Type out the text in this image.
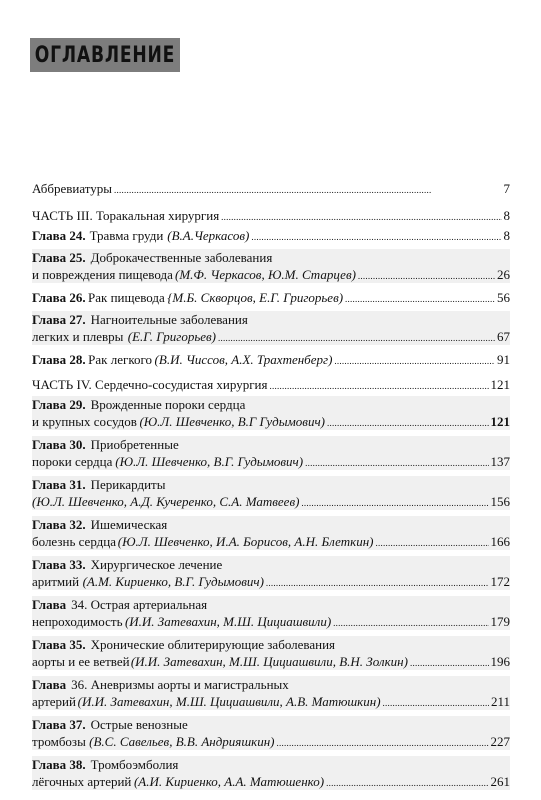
ОГЛАВЛЕНИЕ
Аббревиатуры . . .	7
ЧАСТЬ III. Торакальная хирургия . . .	8
Глава 24. Травма груди (В.А.Черкасов) . . .	8
Глава 25. Доброкачественные заболевания
и повреждения пищевода (М.Ф. Черкасов, Ю.М. Старцев) . . .	26
Глава 26. Рак пищевода {М.Б. Скворцов, Е.Г. Григорьев) . . .	56
Глава 27. Нагноительные заболевания
легких и плевры (Е.Г. Григорьев) . . .	67
Глава 28. Рак легкого (В.И. Чиссов, А.Х. Трахтенберг) . . .	91
ЧАСТЬ IV. Сердечно-сосудистая хирургия . . .	121
Глава 29. Врожденные пороки сердца
и крупных сосудов (Ю.Л. Шевченко, В.Г Гудымович) . . .	121
Глава 30. Приобретенные
пороки сердца (Ю.Л. Шевченко, В.Г. Гудымович) . . .	137
Глава 31. Перикардиты
(Ю.Л. Шевченко, А.Д. Кучеренко, С.А. Матвеев) . . .	156
Глава 32. Ишемическая
болезнь сердца (Ю.Л. Шевченко, И.А. Борисов, А.Н. Блеткин) . . .	166
Глава 33. Хирургическое лечение
аритмий (А.М. Кириенко, В.Г. Гудымович) . . .	172
Глава 34. Острая артериальная
непроходимость (И.И. Затевахин, М.Ш. Цициашвили) . . .	179
Глава 35. Хронические облитерирующие заболевания
аорты и ее ветвей (И.И. Затевахин, М.Ш. Цициашвили, В.Н. Золкин) . . .	196
Глава 36. Аневризмы аорты и магистральных
артерий (И.И. Затевахин, М.Ш. Цициашвили, А.В. Матюшкин) . . .	211
Глава 37. Острые венозные
тромбозы (В.С. Савельев, В.В. Андрияшкин) . . .	227
Глава 38. Тромбоэмболия
лёгочных артерий (А.И. Кириенко, А.А. Матюшенко) . . .	261
